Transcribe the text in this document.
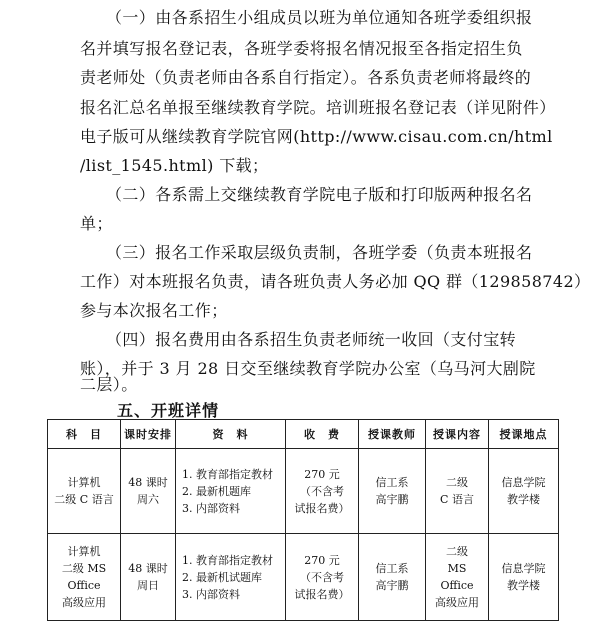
（一）由各系招生小组成员以班为单位通知各班学委组织报
名并填写报名登记表，各班学委将报名情况报至各指定招生负
责老师处（负责老师由各系自行指定）。各系负责老师将最终的
报名汇总名单报至继续教育学院。培训班报名登记表（详见附件）
电子版可从继续教育学院官网(http://www.cisau.com.cn/html
/list_1545.html) 下载；
（二）各系需上交继续教育学院电子版和打印版两种报名名
单；
（三）报名工作采取层级负责制，各班学委（负责本班报名
工作）对本班报名负责，请各班负责人务必加 QQ 群（129858742）
参与本次报名工作；
（四）报名费用由各系招生负责老师统一收回（支付宝转
账），并于 3 月 28 日交至继续教育学院办公室（乌马河大剧院
二层）。
五、开班详情
科　目	课时安排	资　料	收　费	授课教师	授课内容	授课地点

计算机
二级 C 语言	48 课时
周六	1. 教育部指定教材
2. 最新机题库
3. 内部资料	270 元
（不含考
试报名费）	信工系
高宇鹏	二级
C 语言	信息学院
教学楼

计算机
二级 MS
Office
高级应用	48 课时
周日	1. 教育部指定教材
2. 最新机试题库
3. 内部资料	270 元
（不含考
试报名费）	信工系
高宇鹏	二级
MS
Office
高级应用	信息学院
教学楼
